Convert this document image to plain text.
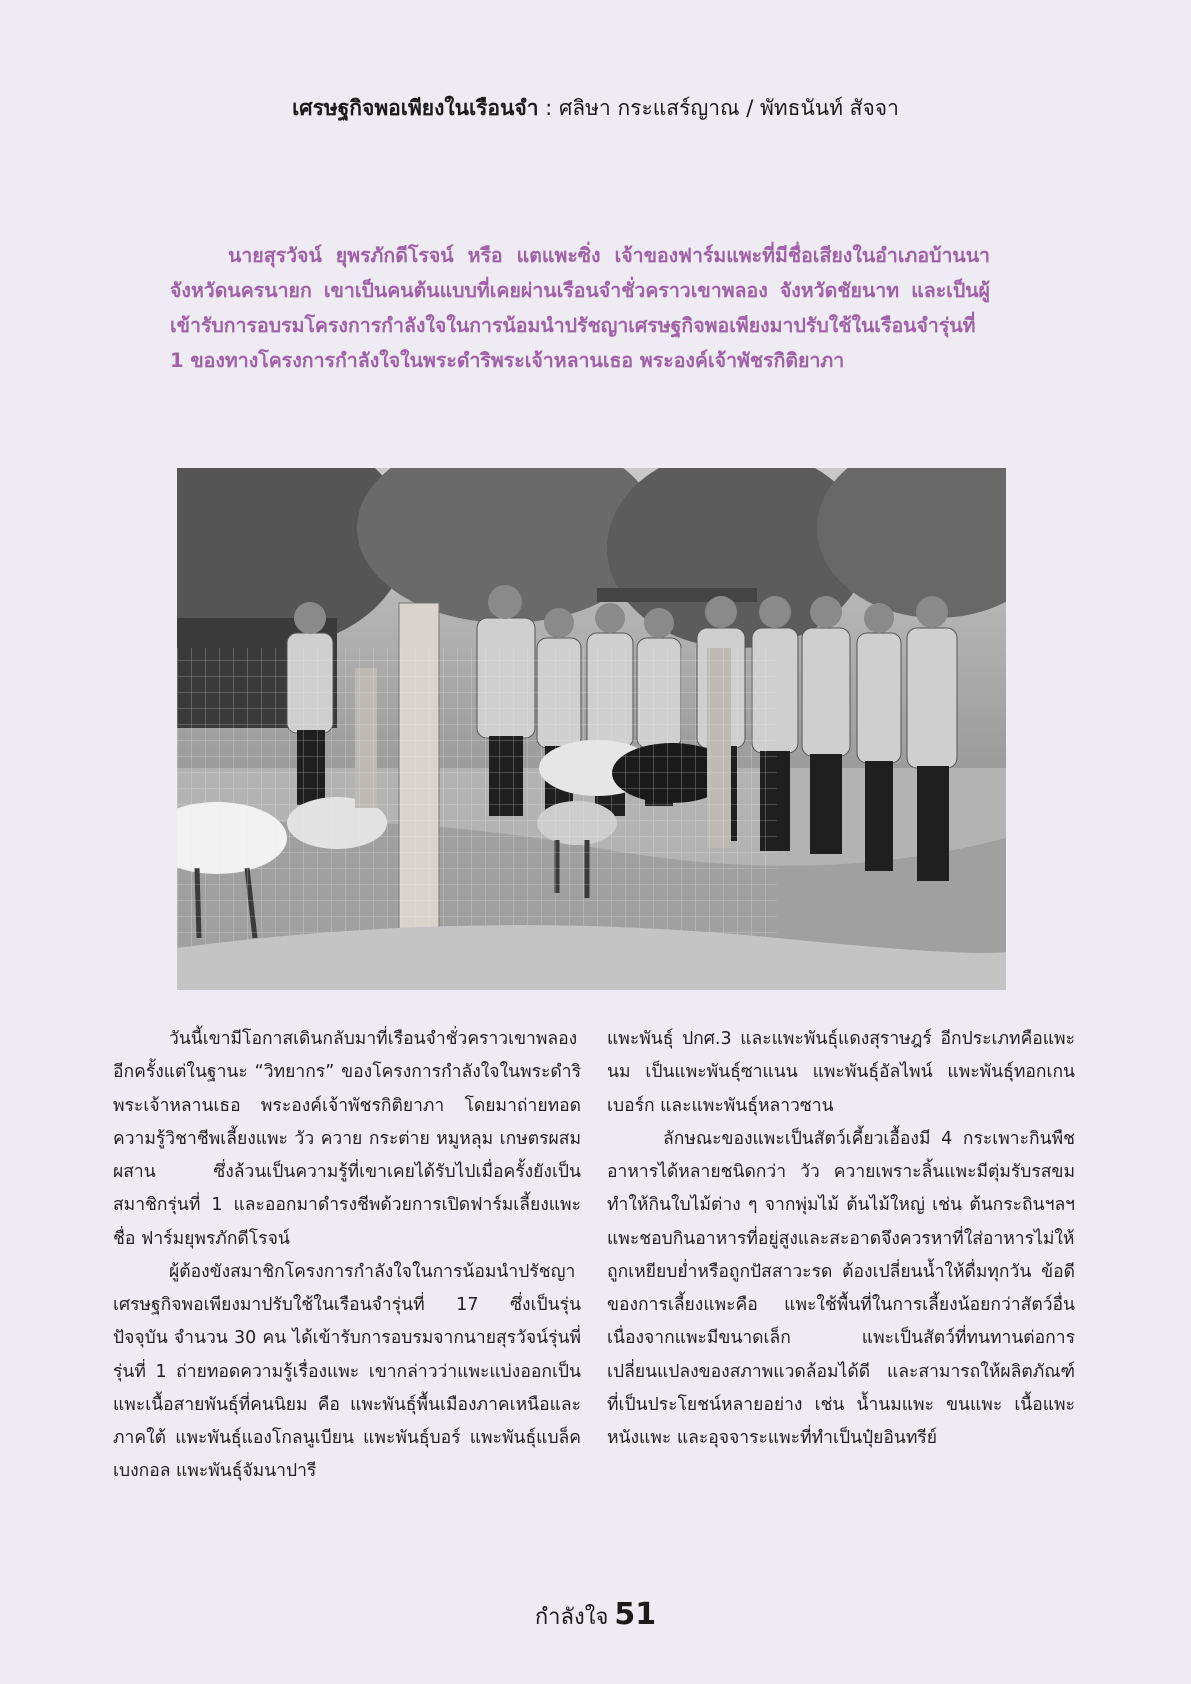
เศรษฐกิจพอเพียงในเรือนจำ : ศลิษา กระแสร์ญาณ / พัทธนันท์ สัจจา
นายสุรวัจน์ ยุพรภักดีโรจน์ หรือ แตแพะซิ่ง เจ้าของฟาร์มแพะที่มีชื่อเสียงในอำเภอบ้านนา จังหวัดนครนายก เขาเป็นคนต้นแบบที่เคยผ่านเรือนจำชั่วคราวเขาพลอง จังหวัดชัยนาท และเป็นผู้เข้ารับการอบรมโครงการกำลังใจในการน้อมนำปรัชญาเศรษฐกิจพอเพียงมาปรับใช้ในเรือนจำรุ่นที่ 1 ของทางโครงการกำลังใจในพระดำริพระเจ้าหลานเธอ พระองค์เจ้าพัชรกิติยาภา

วันนี้เขามีโอกาสเดินกลับมาที่เรือนจำชั่วคราวเขาพลองอีกครั้งแต่ในฐานะ “วิทยากร” ของโครงการกำลังใจในพระดำริพระเจ้าหลานเธอ พระองค์เจ้าพัชรกิติยาภา โดยมาถ่ายทอดความรู้วิชาชีพเลี้ยงแพะ วัว ควาย กระต่าย หมูหลุม เกษตรผสมผสาน ซึ่งล้วนเป็นความรู้ที่เขาเคยได้รับไปเมื่อครั้งยังเป็นสมาชิกรุ่นที่ 1 และออกมาดำรงชีพด้วยการเปิดฟาร์มเลี้ยงแพะชื่อ ฟาร์มยุพรภักดีโรจน์

ผู้ต้องขังสมาชิกโครงการกำลังใจในการน้อมนำปรัชญาเศรษฐกิจพอเพียงมาปรับใช้ในเรือนจำรุ่นที่ 17 ซึ่งเป็นรุ่นปัจจุบัน จำนวน 30 คน ได้เข้ารับการอบรมจากนายสุรวัจน์รุ่นพี่ รุ่นที่ 1 ถ่ายทอดความรู้เรื่องแพะ เขากล่าวว่าแพะแบ่งออกเป็นแพะเนื้อสายพันธุ์ที่คนนิยม คือ แพะพันธุ์พื้นเมืองภาคเหนือและภาคใต้ แพะพันธุ์แองโกลนูเบียน แพะพันธุ์บอร์ แพะพันธุ์แบล็ค เบงกอล แพะพันธุ์จัมนาปารี

แพะพันธุ์ ปกศ.3 และแพะพันธุ์แดงสุราษฎร์ อีกประเภทคือแพะนม เป็นแพะพันธุ์ซาแนน แพะพันธุ์อัลไพน์ แพะพันธุ์ทอกเกนเบอร์ก และแพะพันธุ์หลาวซาน

ลักษณะของแพะเป็นสัตว์เคี้ยวเอื้องมี 4 กระเพาะกินพืชอาหารได้หลายชนิดกว่า วัว ควายเพราะลิ้นแพะมีตุ่มรับรสขมทำให้กินใบไม้ต่าง ๆ จากพุ่มไม้ ต้นไม้ใหญ่ เช่น ต้นกระถินฯลฯ แพะชอบกินอาหารที่อยู่สูงและสะอาดจึงควรหาที่ใส่อาหารไม่ให้ถูกเหยียบย่ำหรือถูกปัสสาวะรด ต้องเปลี่ยนน้ำให้ดื่มทุกวัน ข้อดีของการเลี้ยงแพะคือ แพะใช้พื้นที่ในการเลี้ยงน้อยกว่าสัตว์อื่นเนื่องจากแพะมีขนาดเล็ก แพะเป็นสัตว์ที่ทนทานต่อการเปลี่ยนแปลงของสภาพแวดล้อมได้ดี และสามารถให้ผลิตภัณฑ์ที่เป็นประโยชน์หลายอย่าง เช่น น้ำนมแพะ ขนแพะ เนื้อแพะ หนังแพะ และอุจจาระแพะที่ทำเป็นปุ๋ยอินทรีย์

กำลังใจ 51
